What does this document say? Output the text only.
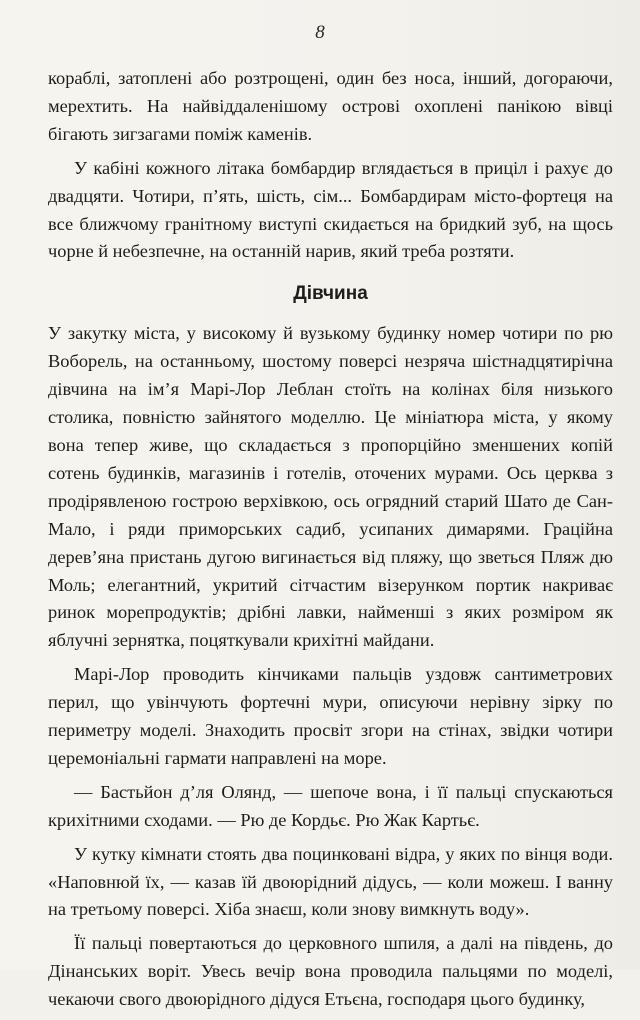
8

кораблі, затоплені або розтрощені, один без носа, інший, догораючи, мерехтить. На найвіддаленішому острові охоплені панікою вівці бігають зигзагами поміж каменів.

У кабіні кожного літака бомбардир вглядається в приціл і рахує до двадцяти. Чотири, п’ять, шість, сім... Бомбардирам місто-фортеця на все ближчому гранітному виступі скидається на бридкий зуб, на щось чорне й небезпечне, на останній нарив, який треба розтяти.

Дівчина

У закутку міста, у високому й вузькому будинку номер чотири по рю Воборель, на останньому, шостому поверсі незряча шістнадцятирічна дівчина на ім’я Марі-Лор Леблан стоїть на колінах біля низького столика, повністю зайнятого моделлю. Це мініатюра міста, у якому вона тепер живе, що складається з пропорційно зменшених копій сотень будинків, магазинів і готелів, оточених мурами. Ось церква з продірявленою гострою верхівкою, ось огрядний старий Шато де Сан-Мало, і ряди приморських садиб, усипаних димарями. Граційна дерев’яна пристань дугою вигинається від пляжу, що зветься Пляж дю Моль; елегантний, укритий сітчастим візерунком портик накриває ринок морепродуктів; дрібні лавки, найменші з яких розміром як яблучні зернятка, поцяткували крихітні майдани.

Марі-Лор проводить кінчиками пальців уздовж сантиметрових перил, що увінчують фортечні мури, описуючи нерівну зірку по периметру моделі. Знаходить просвіт згори на стінах, звідки чотири церемоніальні гармати направлені на море.

— Бастьйон д’ля Олянд, — шепоче вона, і її пальці спускаються крихітними сходами. — Рю де Кордьє. Рю Жак Картьє.

У кутку кімнати стоять два поцинковані відра, у яких по вінця води. «Наповнюй їх, — казав їй двоюрідний дідусь, — коли можеш. І ванну на третьому поверсі. Хіба знаєш, коли знову вимкнуть воду».

Її пальці повертаються до церковного шпиля, а далі на південь, до Дінанських воріт. Увесь вечір вона проводила пальцями по моделі, чекаючи свого двоюрідного дідуся Етьєна, господаря цього будинку,
